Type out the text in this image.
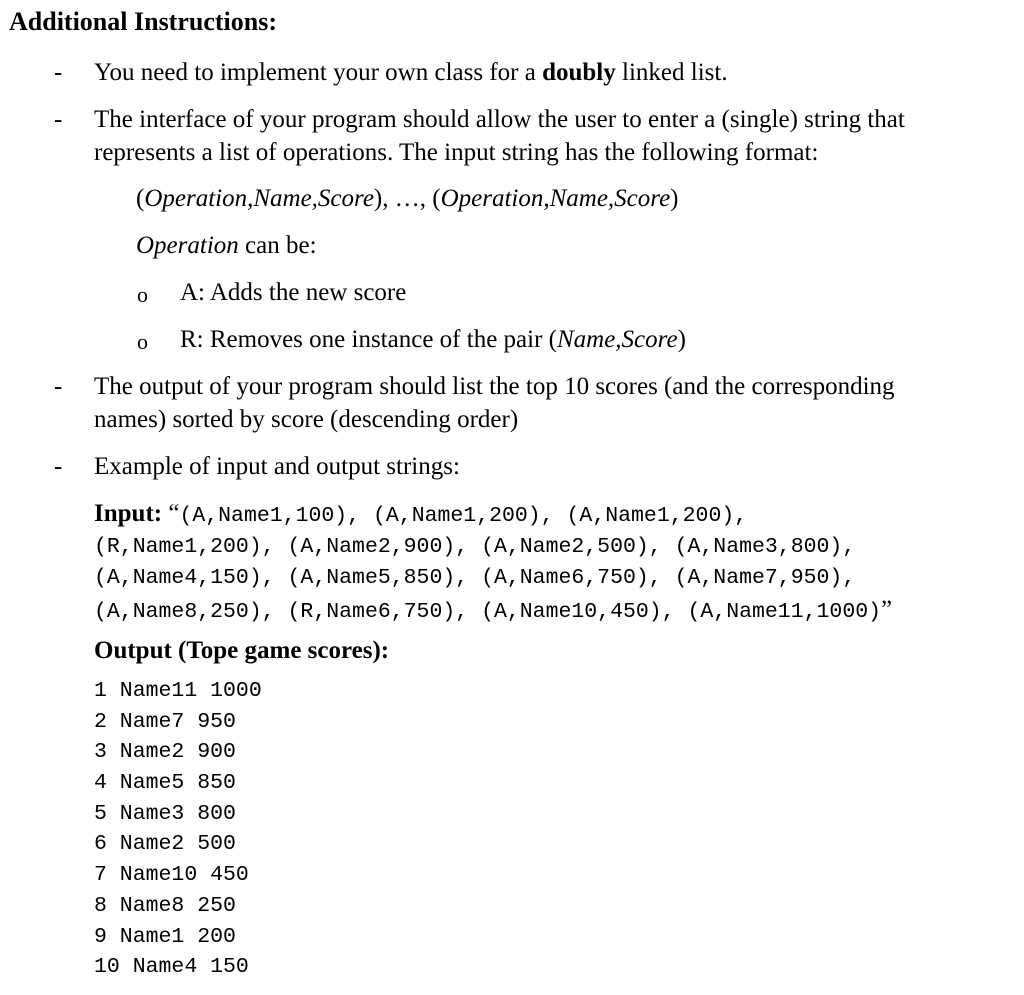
Additional Instructions:
- You need to implement your own class for a doubly linked list.
- The interface of your program should allow the user to enter a (single) string that
represents a list of operations. The input string has the following format:
(Operation,Name,Score), …, (Operation,Name,Score)
Operation can be:
o A: Adds the new score
o R: Removes one instance of the pair (Name,Score)
- The output of your program should list the top 10 scores (and the corresponding
names) sorted by score (descending order)
- Example of input and output strings:
Input: “(A,Name1,100), (A,Name1,200), (A,Name1,200),
(R,Name1,200), (A,Name2,900), (A,Name2,500), (A,Name3,800),
(A,Name4,150), (A,Name5,850), (A,Name6,750), (A,Name7,950),
(A,Name8,250), (R,Name6,750), (A,Name10,450), (A,Name11,1000)”
Output (Tope game scores):
1 Name11 1000
2 Name7 950
3 Name2 900
4 Name5 850
5 Name3 800
6 Name2 500
7 Name10 450
8 Name8 250
9 Name1 200
10 Name4 150
